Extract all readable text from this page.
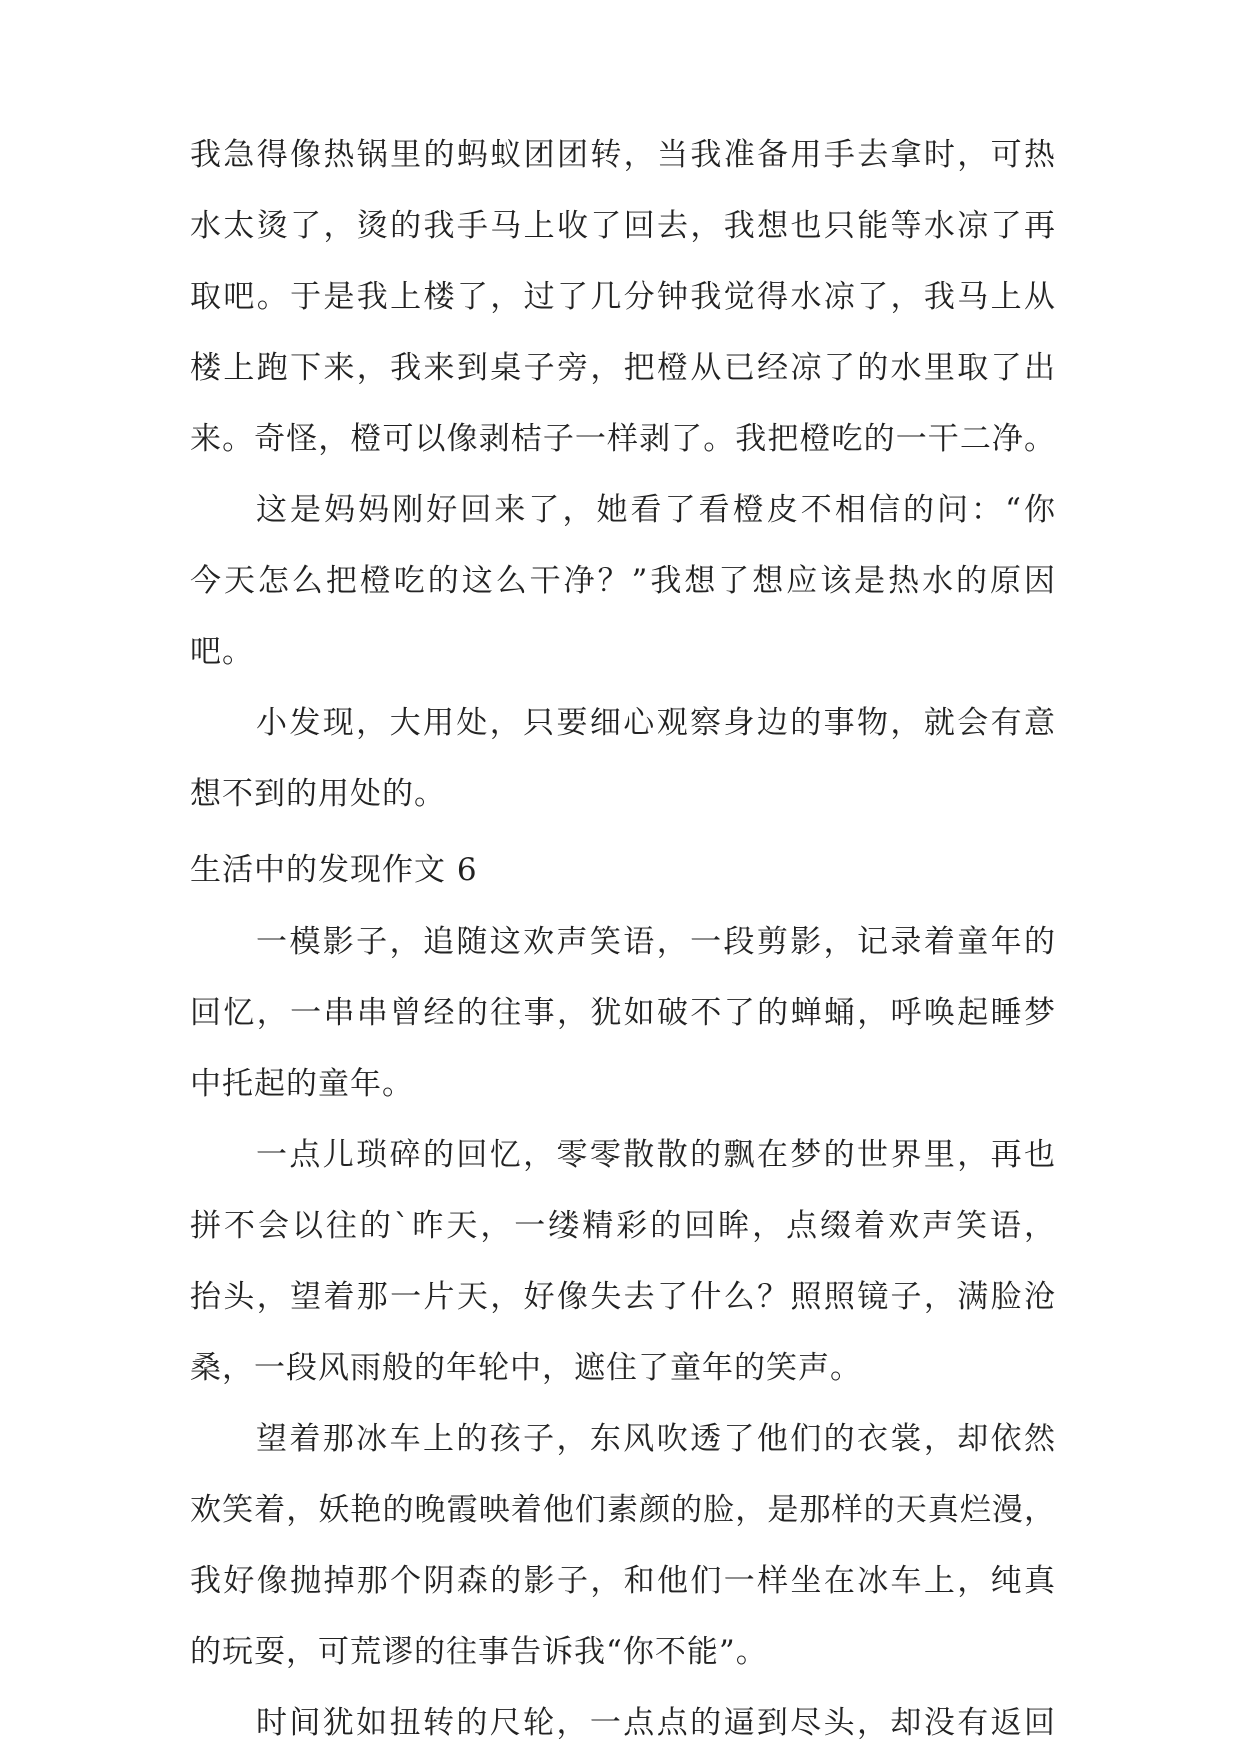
我急得像热锅里的蚂蚁团团转，当我准备用手去拿时，可热
水太烫了，烫的我手马上收了回去，我想也只能等水凉了再
取吧。于是我上楼了，过了几分钟我觉得水凉了，我马上从
楼上跑下来，我来到桌子旁，把橙从已经凉了的水里取了出
来。奇怪，橙可以像剥桔子一样剥了。我把橙吃的一干二净。
这是妈妈刚好回来了，她看了看橙皮不相信的问：“你
今天怎么把橙吃的这么干净？”我想了想应该是热水的原因
吧。
小发现，大用处，只要细心观察身边的事物，就会有意
想不到的用处的。
生活中的发现作文 6
一模影子，追随这欢声笑语，一段剪影，记录着童年的
回忆，一串串曾经的往事，犹如破不了的蝉蛹，呼唤起睡梦
中托起的童年。
一点儿琐碎的回忆，零零散散的飘在梦的世界里，再也
拼不会以往的`昨天，一缕精彩的回眸，点缀着欢声笑语，
抬头，望着那一片天，好像失去了什么？照照镜子，满脸沧
桑，一段风雨般的年轮中，遮住了童年的笑声。
望着那冰车上的孩子，东风吹透了他们的衣裳，却依然
欢笑着，妖艳的晚霞映着他们素颜的脸，是那样的天真烂漫，
我好像抛掉那个阴森的影子，和他们一样坐在冰车上，纯真
的玩耍，可荒谬的往事告诉我“你不能”。
时间犹如扭转的尺轮，一点点的逼到尽头，却没有返回
